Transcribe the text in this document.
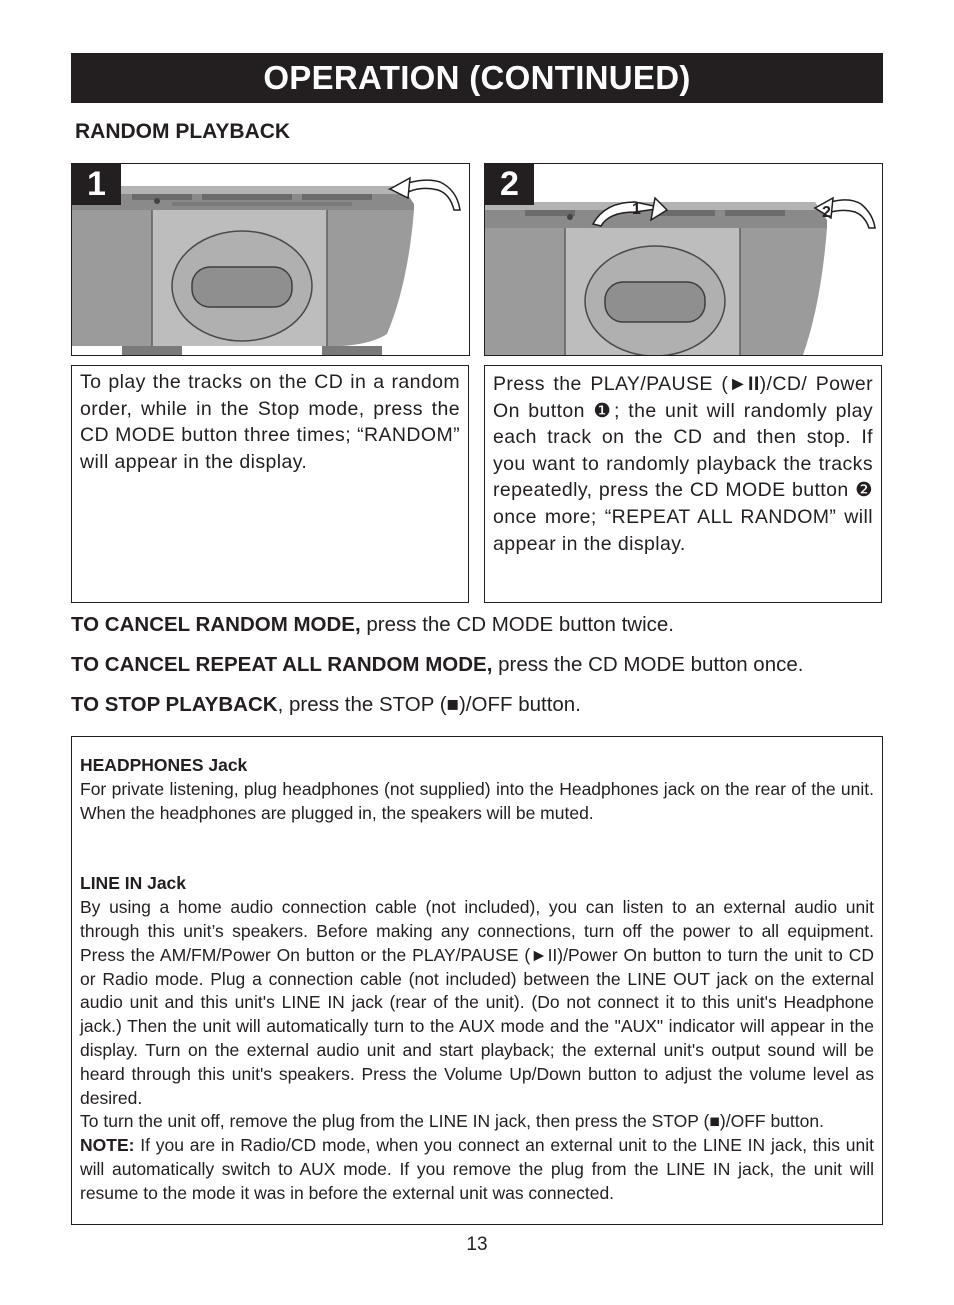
OPERATION (CONTINUED)
RANDOM PLAYBACK
1	2
1	2
To play the tracks on the CD in a random order, while in the Stop mode, press the CD MODE button three times; “RANDOM” will appear in the display.
Press the PLAY/PAUSE (►II)/CD/ Power On button ❶; the unit will randomly play each track on the CD and then stop. If you want to randomly playback the tracks repeatedly, press the CD MODE button ❷ once more; “REPEAT ALL RANDOM” will appear in the display.
TO CANCEL RANDOM MODE, press the CD MODE button twice.
TO CANCEL REPEAT ALL RANDOM MODE, press the CD MODE button once.
TO STOP PLAYBACK, press the STOP (■)/OFF button.
HEADPHONES Jack
For private listening, plug headphones (not supplied) into the Headphones jack on the rear of the unit. When the headphones are plugged in, the speakers will be muted.
LINE IN Jack
By using a home audio connection cable (not included), you can listen to an external audio unit through this unit’s speakers. Before making any connections, turn off the power to all equipment. Press the AM/FM/Power On button or the PLAY/PAUSE (►II)/Power On button to turn the unit to CD or Radio mode. Plug a connection cable (not included) between the LINE OUT jack on the external audio unit and this unit's LINE IN jack (rear of the unit). (Do not connect it to this unit's Headphone jack.) Then the unit will automatically turn to the AUX mode and the "AUX" indicator will appear in the display. Turn on the external audio unit and start playback; the external unit's output sound will be heard through this unit's speakers. Press the Volume Up/Down button to adjust the volume level as desired.
To turn the unit off, remove the plug from the LINE IN jack, then press the STOP (■)/OFF button.
NOTE: If you are in Radio/CD mode, when you connect an external unit to the LINE IN jack, this unit will automatically switch to AUX mode. If you remove the plug from the LINE IN jack, the unit will resume to the mode it was in before the external unit was connected.
13
